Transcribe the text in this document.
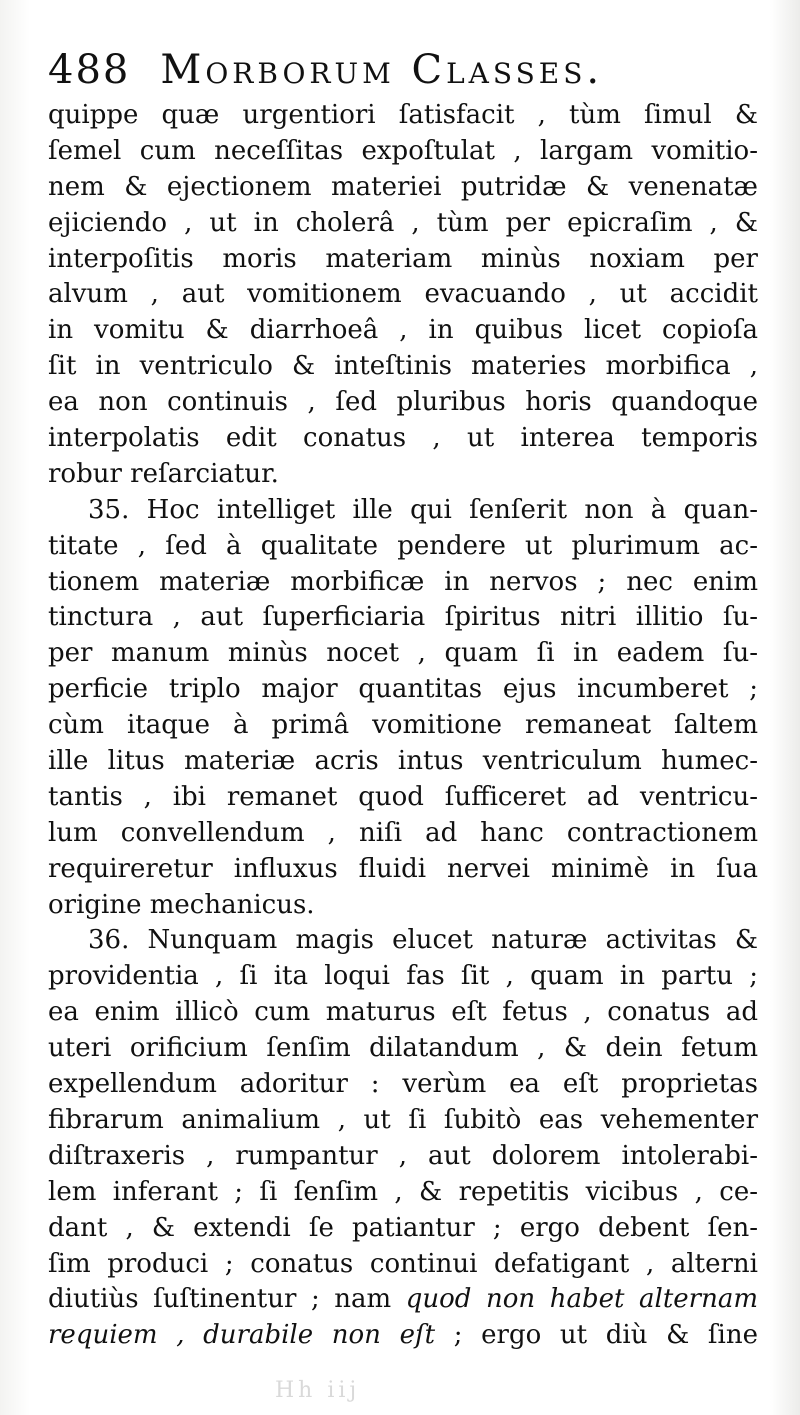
488 Morborum Classes.
quippe quæ urgentiori ſatisfacit , tùm ſimul &
ſemel cum neceſſitas expoſtulat , largam vomitio-
nem & ejectionem materiei putridæ & venenatæ
ejiciendo , ut in cholerâ , tùm per epicraſim , &
interpoſitis moris materiam minùs noxiam per
alvum , aut vomitionem evacuando , ut accidit
in vomitu & diarrhoeâ , in quibus licet copioſa
ſit in ventriculo & inteſtinis materies morbifica ,
ea non continuis , ſed pluribus horis quandoque
interpolatis edit conatus , ut interea temporis
robur reſarciatur.
35. Hoc intelliget ille qui ſenſerit non à quan-
titate , ſed à qualitate pendere ut plurimum ac-
tionem materiæ morbificæ in nervos ; nec enim
tinctura , aut ſuperficiaria ſpiritus nitri illitio ſu-
per manum minùs nocet , quam ſi in eadem ſu-
perficie triplo major quantitas ejus incumberet ;
cùm itaque à primâ vomitione remaneat ſaltem
ille litus materiæ acris intus ventriculum humec-
tantis , ibi remanet quod ſufficeret ad ventricu-
lum convellendum , niſi ad hanc contractionem
requireretur influxus fluidi nervei minimè in ſua
origine mechanicus.
36. Nunquam magis elucet naturæ activitas &
providentia , ſi ita loqui fas ſit , quam in partu ;
ea enim illicò cum maturus eſt fetus , conatus ad
uteri orificium ſenſim dilatandum , & dein fetum
expellendum adoritur : verùm ea eſt proprietas
fibrarum animalium , ut ſi ſubitò eas vehementer
diſtraxeris , rumpantur , aut dolorem intolerabi-
lem inferant ; ſi ſenſim , & repetitis vicibus , ce-
dant , & extendi ſe patiantur ; ergo debent ſen-
ſim produci ; conatus continui defatigant , alterni
diutiùs ſuſtinentur ; nam quod non habet alternam
requiem , durabile non eſt ; ergo ut diù & ſine
Hh iij
